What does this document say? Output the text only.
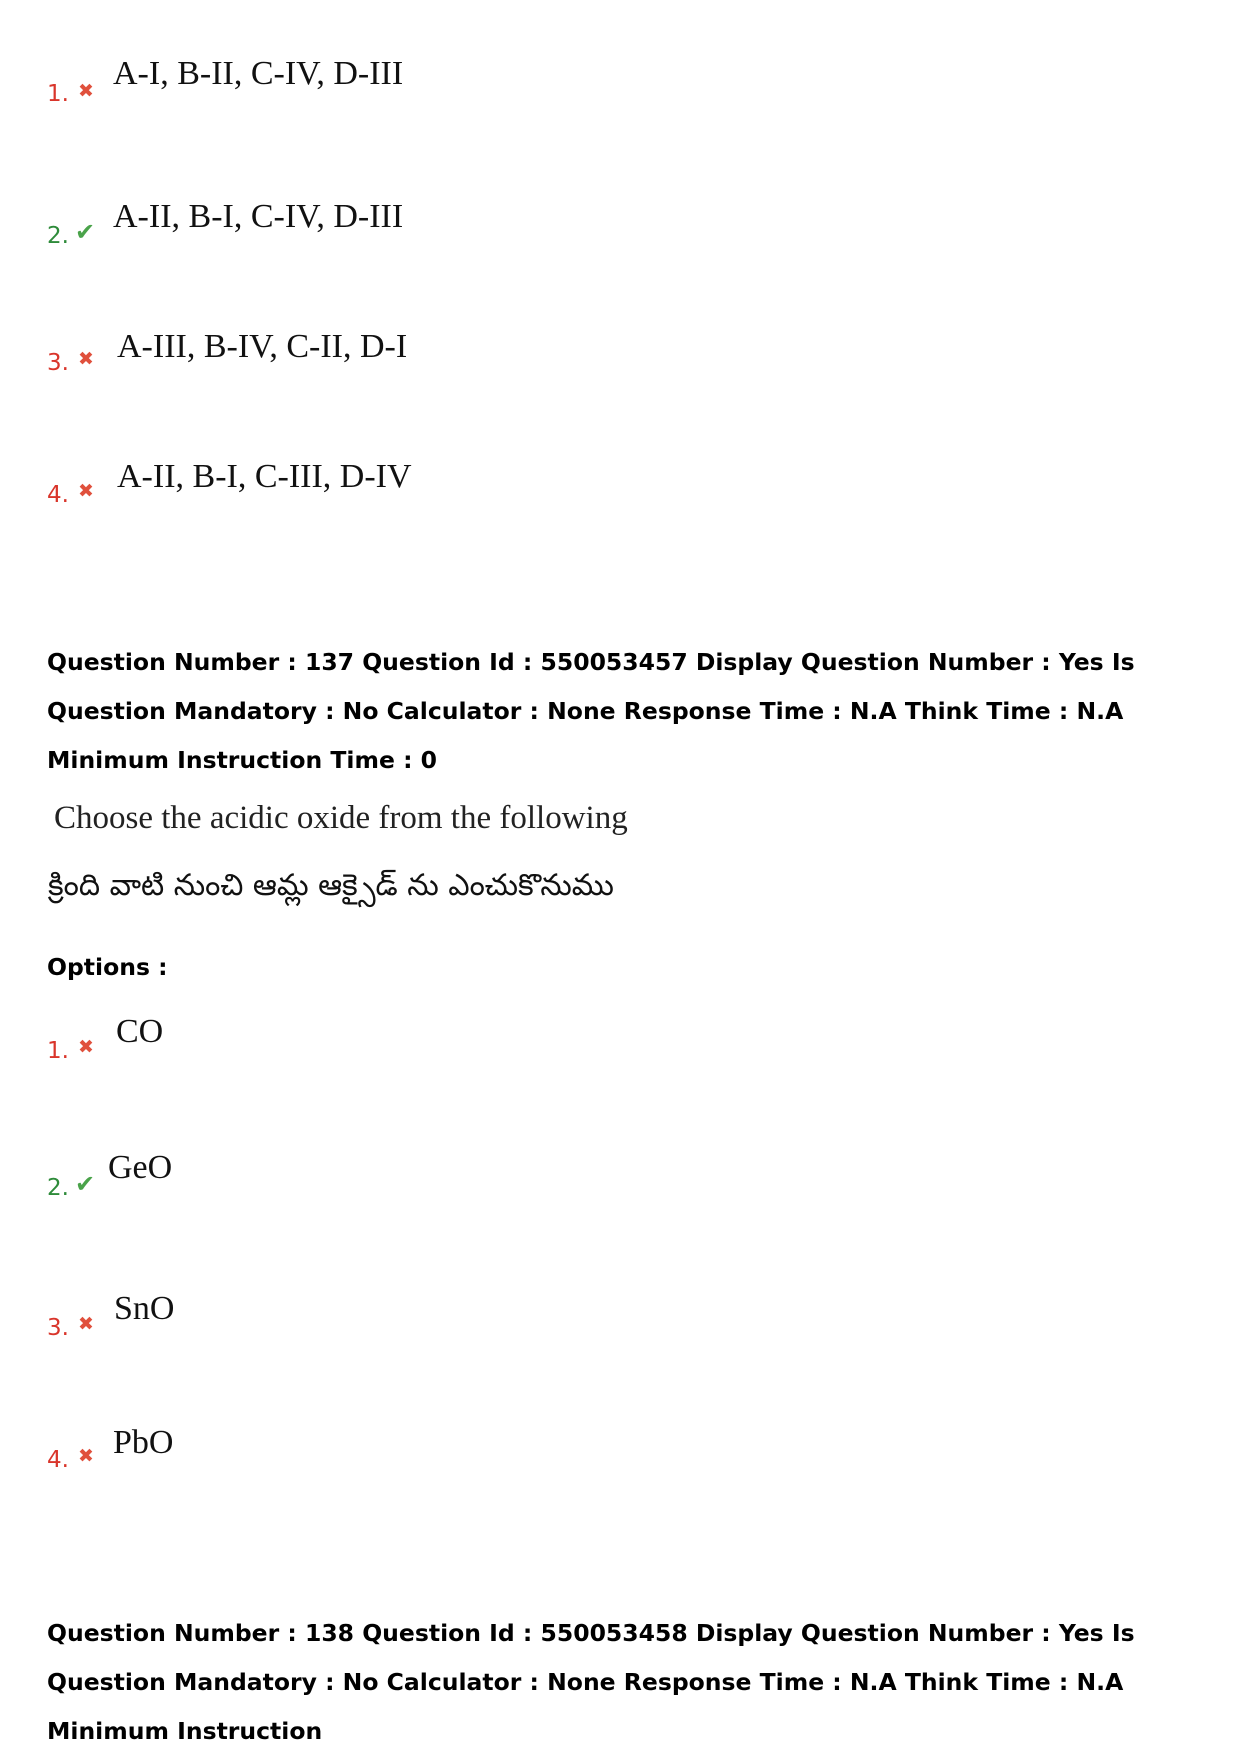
1. ✖ A-I, B-II, C-IV, D-III
2. ✔ A-II, B-I, C-IV, D-III
3. ✖ A-III, B-IV, C-II, D-I
4. ✖ A-II, B-I, C-III, D-IV
Question Number : 137 Question Id : 550053457 Display Question Number : Yes Is Question Mandatory : No Calculator : None Response Time : N.A Think Time : N.A Minimum Instruction Time : 0
Choose the acidic oxide from the following
క్రింది వాటి నుంచి ఆమ్ల ఆక్సైడ్ ను ఎంచుకొనుము
Options :
1. ✖ CO
2. ✔ GeO
3. ✖ SnO
4. ✖ PbO
Question Number : 138 Question Id : 550053458 Display Question Number : Yes Is Question Mandatory : No Calculator : None Response Time : N.A Think Time : N.A Minimum Instruction
